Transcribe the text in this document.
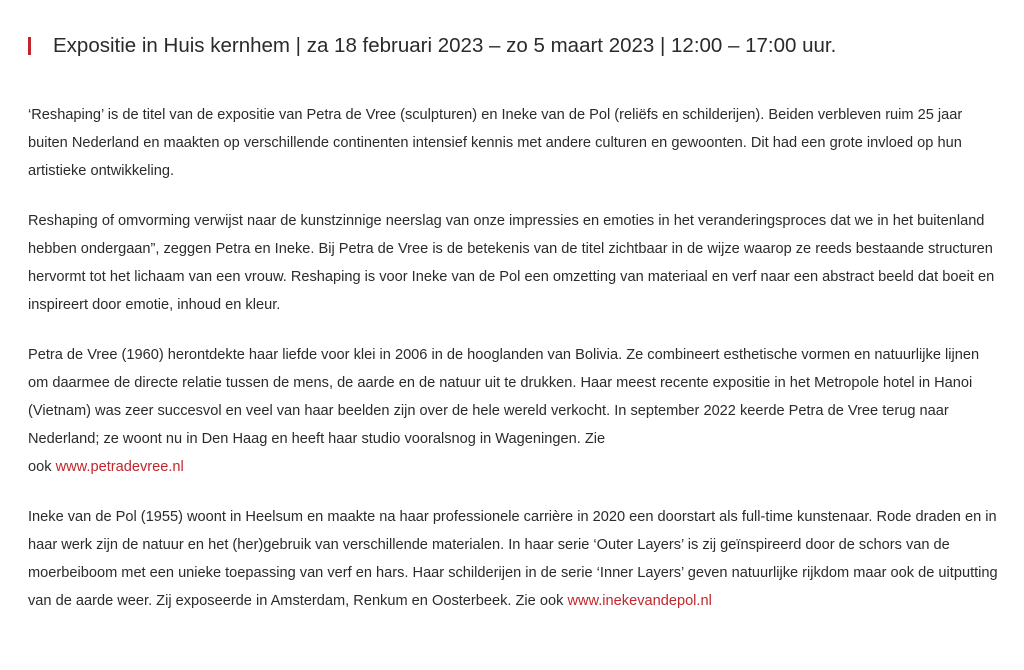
Expositie in Huis kernhem | za 18 februari 2023 – zo 5 maart 2023 | 12:00 – 17:00 uur.

‘Reshaping’ is de titel van de expositie van Petra de Vree (sculpturen) en Ineke van de Pol (reliëfs en schilderijen). Beiden verbleven ruim 25 jaar buiten Nederland en maakten op verschillende continenten intensief kennis met andere culturen en gewoonten. Dit had een grote invloed op hun artistieke ontwikkeling.

Reshaping of omvorming verwijst naar de kunstzinnige neerslag van onze impressies en emoties in het veranderingsproces dat we in het buitenland hebben ondergaan”, zeggen Petra en Ineke. Bij Petra de Vree is de betekenis van de titel zichtbaar in de wijze waarop ze reeds bestaande structuren hervormt tot het lichaam van een vrouw. Reshaping is voor Ineke van de Pol een omzetting van materiaal en verf naar een abstract beeld dat boeit en inspireert door emotie, inhoud en kleur.

Petra de Vree (1960) herontdekte haar liefde voor klei in 2006 in de hooglanden van Bolivia. Ze combineert esthetische vormen en natuurlijke lijnen om daarmee de directe relatie tussen de mens, de aarde en de natuur uit te drukken. Haar meest recente expositie in het Metropole hotel in Hanoi (Vietnam) was zeer succesvol en veel van haar beelden zijn over de hele wereld verkocht. In september 2022 keerde Petra de Vree terug naar Nederland; ze woont nu in Den Haag en heeft haar studio vooralsnog in Wageningen. Zie
ook www.petradevree.nl

Ineke van de Pol (1955) woont in Heelsum en maakte na haar professionele carrière in 2020 een doorstart als full-time kunstenaar. Rode draden en in haar werk zijn de natuur en het (her)gebruik van verschillende materialen. In haar serie ‘Outer Layers’ is zij geïnspireerd door de schors van de moerbeiboom met een unieke toepassing van verf en hars. Haar schilderijen in de serie ‘Inner Layers’ geven natuurlijke rijkdom maar ook de uitputting van de aarde weer. Zij exposeerde in Amsterdam, Renkum en Oosterbeek. Zie ook www.inekevandepol.nl
